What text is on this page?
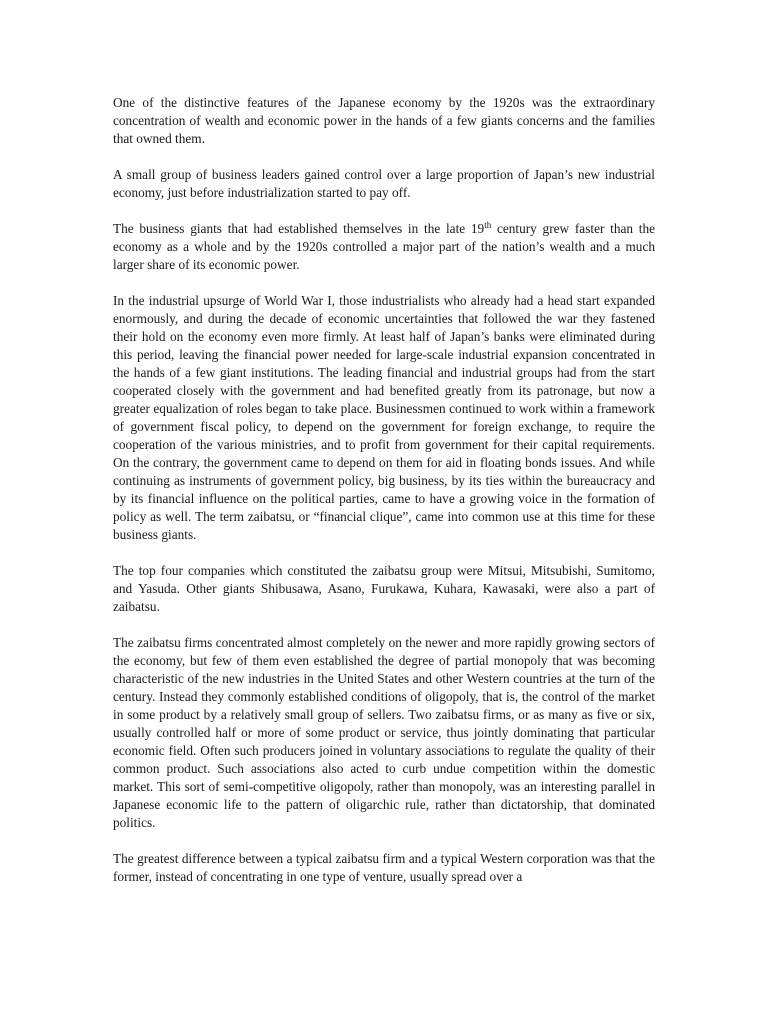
One of the distinctive features of the Japanese economy by the 1920s was the extraordinary concentration of wealth and economic power in the hands of a few giants concerns and the families that owned them.

A small group of business leaders gained control over a large proportion of Japan’s new industrial economy, just before industrialization started to pay off.

The business giants that had established themselves in the late 19th century grew faster than the economy as a whole and by the 1920s controlled a major part of the nation’s wealth and a much larger share of its economic power.

In the industrial upsurge of World War I, those industrialists who already had a head start expanded enormously, and during the decade of economic uncertainties that followed the war they fastened their hold on the economy even more firmly. At least half of Japan’s banks were eliminated during this period, leaving the financial power needed for large-scale industrial expansion concentrated in the hands of a few giant institutions. The leading financial and industrial groups had from the start cooperated closely with the government and had benefited greatly from its patronage, but now a greater equalization of roles began to take place. Businessmen continued to work within a framework of government fiscal policy, to depend on the government for foreign exchange, to require the cooperation of the various ministries, and to profit from government for their capital requirements. On the contrary, the government came to depend on them for aid in floating bonds issues. And while continuing as instruments of government policy, big business, by its ties within the bureaucracy and by its financial influence on the political parties, came to have a growing voice in the formation of policy as well. The term zaibatsu, or “financial clique”, came into common use at this time for these business giants.

The top four companies which constituted the zaibatsu group were Mitsui, Mitsubishi, Sumitomo, and Yasuda. Other giants Shibusawa, Asano, Furukawa, Kuhara, Kawasaki, were also a part of zaibatsu.

The zaibatsu firms concentrated almost completely on the newer and more rapidly growing sectors of the economy, but few of them even established the degree of partial monopoly that was becoming characteristic of the new industries in the United States and other Western countries at the turn of the century. Instead they commonly established conditions of oligopoly, that is, the control of the market in some product by a relatively small group of sellers. Two zaibatsu firms, or as many as five or six, usually controlled half or more of some product or service, thus jointly dominating that particular economic field. Often such producers joined in voluntary associations to regulate the quality of their common product. Such associations also acted to curb undue competition within the domestic market. This sort of semi-competitive oligopoly, rather than monopoly, was an interesting parallel in Japanese economic life to the pattern of oligarchic rule, rather than dictatorship, that dominated politics.

The greatest difference between a typical zaibatsu firm and a typical Western corporation was that the former, instead of concentrating in one type of venture, usually spread over a
